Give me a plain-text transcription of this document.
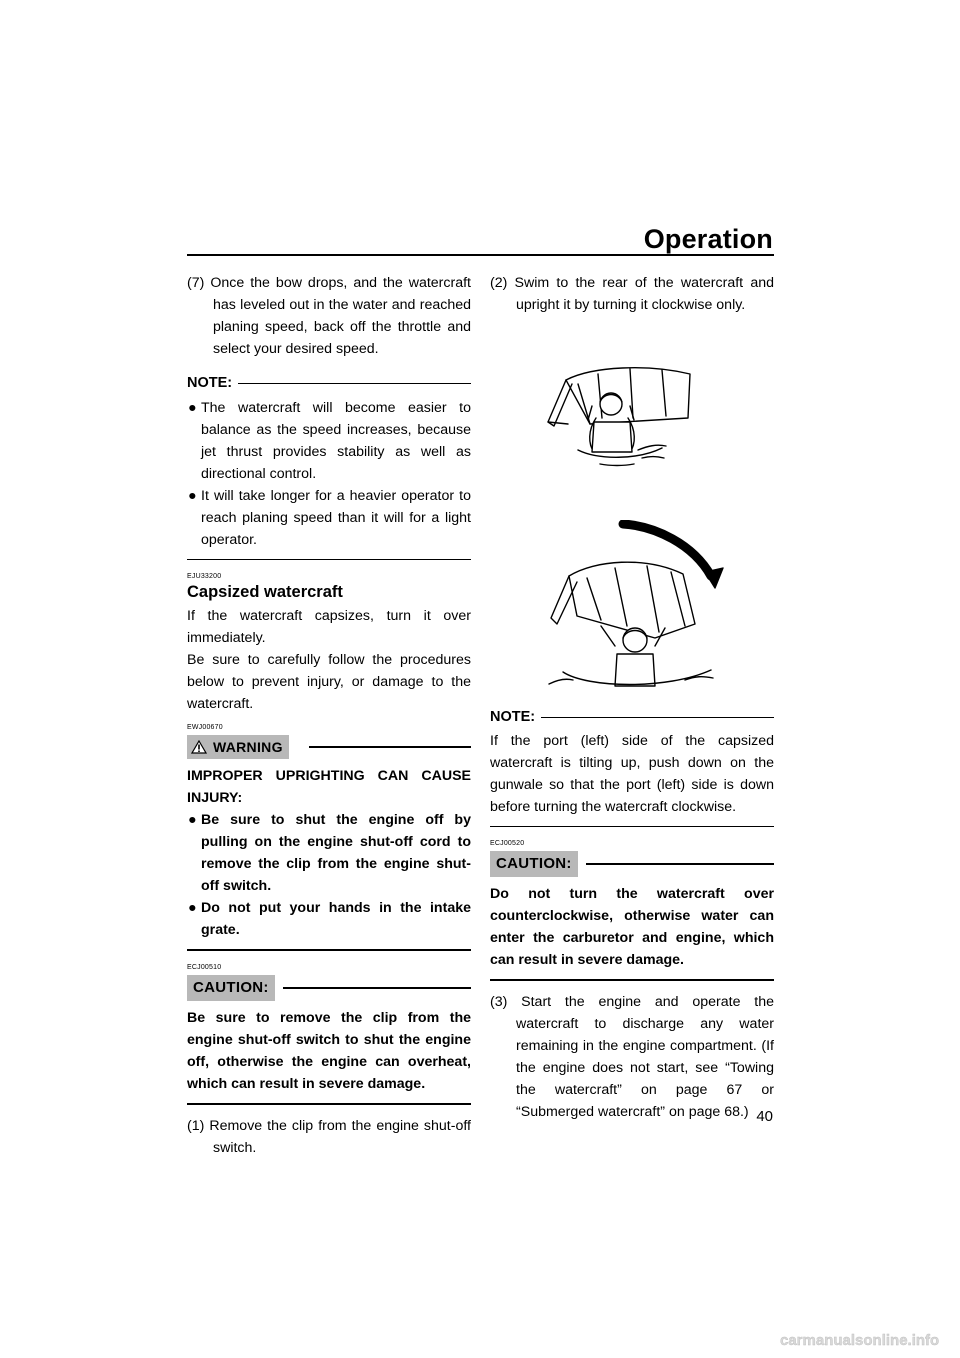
Operation

(7) Once the bow drops, and the watercraft has leveled out in the water and reached planing speed, back off the throttle and select your desired speed.

NOTE:
● The watercraft will become easier to balance as the speed increases, because jet thrust provides stability as well as directional control.
● It will take longer for a heavier operator to reach planing speed than it will for a light operator.
EJU33200
Capsized watercraft

If the watercraft capsizes, turn it over immediately.

Be sure to carefully follow the procedures below to prevent injury, or damage to the watercraft.

EWJ00670
WARNING

IMPROPER UPRIGHTING CAN CAUSE INJURY:

● Be sure to shut the engine off by pulling on the engine shut-off cord to remove the clip from the engine shut-off switch.
● Do not put your hands in the intake grate.
ECJ00510
CAUTION:

Be sure to remove the clip from the engine shut-off switch to shut the engine off, otherwise the engine can overheat, which can result in severe damage.

(1) Remove the clip from the engine shut-off switch.

(2) Swim to the rear of the watercraft and upright it by turning it clockwise only.

NOTE:

If the port (left) side of the capsized watercraft is tilting up, push down on the gunwale so that the port (left) side is down before turning the watercraft clockwise.

ECJ00520
CAUTION:

Do not turn the watercraft over counterclockwise, otherwise water can enter the carburetor and engine, which can result in severe damage.

(3) Start the engine and operate the watercraft to discharge any water remaining in the engine compartment. (If the engine does not start, see “Towing the watercraft” on page 67 or “Submerged watercraft” on page 68.) 40
carmanualsonline.info
